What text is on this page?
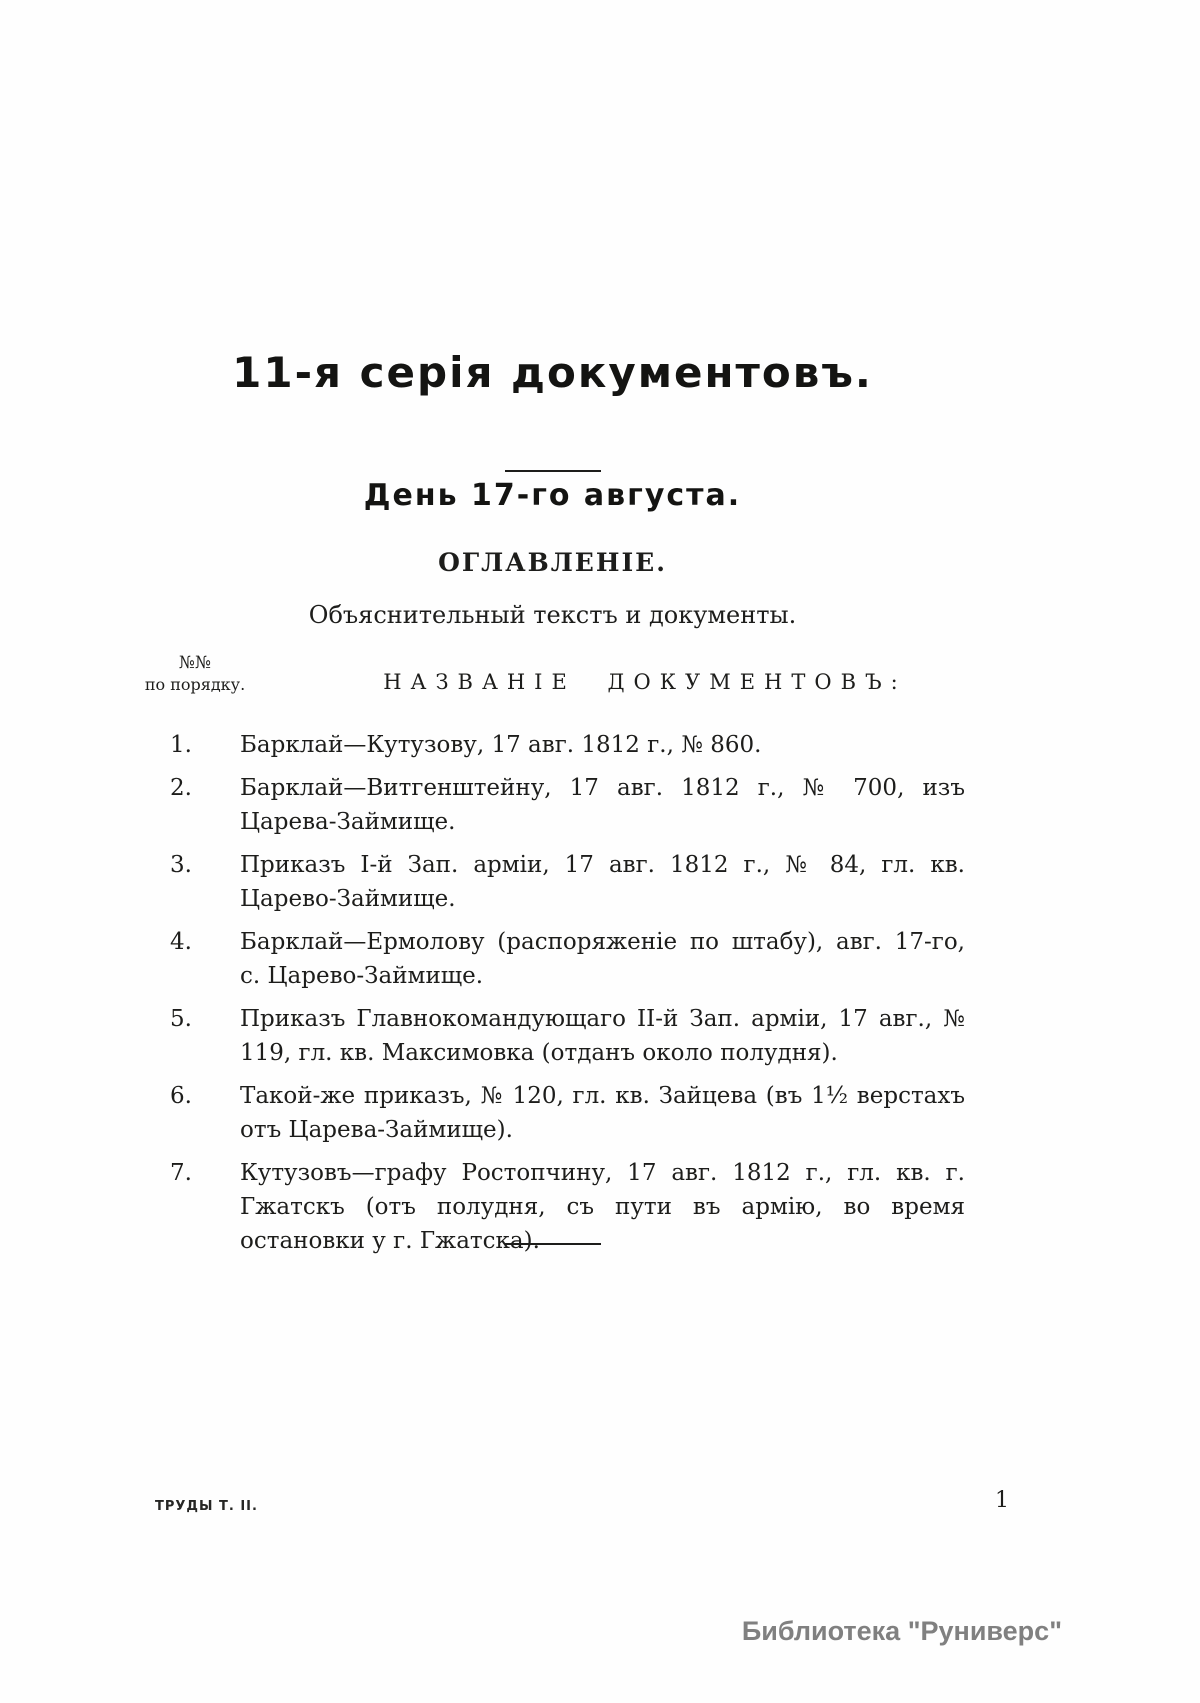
11-я серія документовъ.
День 17-го августа.
ОГЛАВЛЕНІЕ.
Объяснительный текстъ и документы.
№№
по порядку.	НАЗВАНІЕ ДОКУМЕНТОВЪ:
1.	Барклай—Кутузову, 17 авг. 1812 г., № 860.
2.	Барклай—Витгенштейну, 17 авг. 1812 г., № 700, изъ Царева-Займище.
3.	Приказъ I-й Зап. арміи, 17 авг. 1812 г., № 84, гл. кв. Царево-Займище.
4.	Барклай—Ермолову (распоряженіе по штабу), авг. 17-го, с. Царево-Займище.
5.	Приказъ Главнокомандующаго II-й Зап. арміи, 17 авг., № 119, гл. кв. Максимовка (отданъ около полудня).
6.	Такой-же приказъ, № 120, гл. кв. Зайцева (въ 1½ верстахъ отъ Царева-Займище).
7.	Кутузовъ—графу Ростопчину, 17 авг. 1812 г., гл. кв. г. Гжатскъ (отъ полудня, съ пути въ армію, во время остановки у г. Гжатска).
ТРУДЫ Т. II.	1
Библиотека "Руниверс"
